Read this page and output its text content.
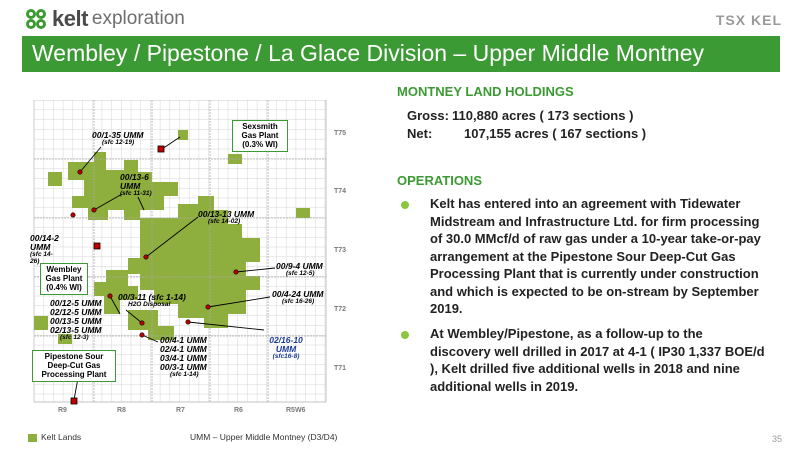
kelt exploration	TSX KEL
Wembley / Pipestone / La Glace Division – Upper Middle Montney
R9	R8	R7	R6	R5W6
T75
T74
T73
T72
T71
00/1-35 UMM
(sfc 12-19)
00/13-6 UMM
(sfc 11-31)
00/13-13 UMM
(sfc 14-02)
00/14-2 UMM
(sfc 14-26)	00/9-4 UMM
(sfc 12-5)
00/4-24 UMM
(sfc 16-26)
02/16-10 UMM
(sfc16-8)
00/12-5 UMM
02/12-5 UMM
00/13-5 UMM
02/13-5 UMM
(sfc 12-3)
00/3-11 (sfc 1-14)
H2O Disposal
00/4-1 UMM
02/4-1 UMM
03/4-1 UMM
00/3-1 UMM
(sfc 1-14)
Sexsmith Gas Plant
(0.3% WI)
Wembley Gas Plant
(0.4% WI)
Pipestone Sour Deep-Cut Gas Processing Plant
Kelt Lands	UMM – Upper Middle Montney (D3/D4)
MONTNEY LAND HOLDINGS
Gross: 110,880 acres ( 173 sections )
Net: 107,155 acres ( 167 sections )
OPERATIONS
Kelt has entered into an agreement with Tidewater Midstream and Infrastructure Ltd. for firm processing of 30.0 MMcf/d of raw gas under a 10-year take-or-pay arrangement at the Pipestone Sour Deep-Cut Gas Processing Plant that is currently under construction and which is expected to be on-stream by September 2019.
At Wembley/Pipestone, as a follow-up to the discovery well drilled in 2017 at 4-1 ( IP30 1,337 BOE/d ), Kelt drilled five additional wells in 2018 and nine additional wells in 2019.
35
